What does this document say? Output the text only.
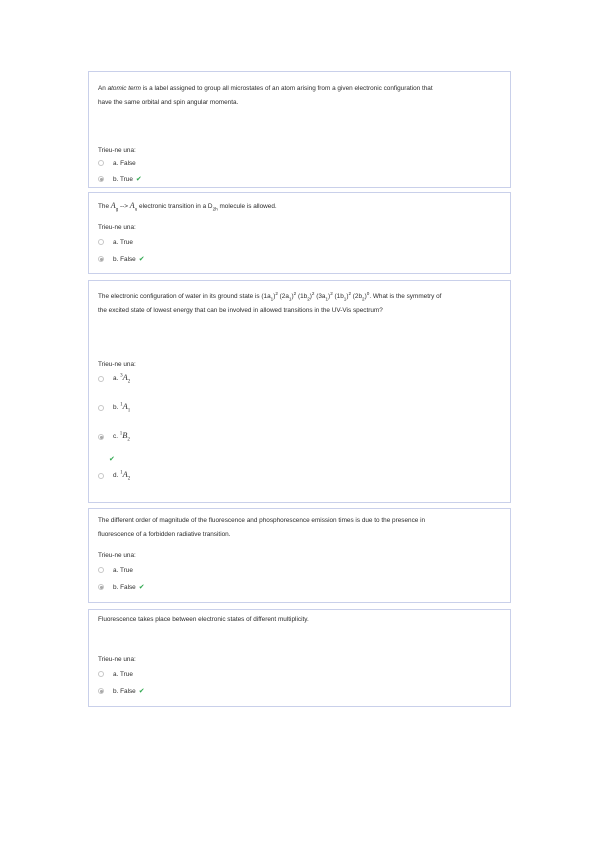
An atomic term is a label assigned to group all microstates of an atom arising from a given electronic configuration that
have the same orbital and spin angular momenta.
Trieu-ne una:
a. False
b. True ✔
The $A_g$ --> $A_u$ electronic transition in a $D_{2h}$ molecule is allowed.
Trieu-ne una:
a. True
b. False ✔
The electronic configuration of water in its ground state is $(1a_1)^2$ $(2a_1)^2$ $(1b_2)^2$ $(3a_1)^2$ $(1b_1)^2$ $(2b_2)^0$. What is the symmetry of
the excited state of lowest energy that can be involved in allowed transitions in the UV-Vis spectrum?
Trieu-ne una:
a. $^3A_2$
b. $^1A_1$
c. $^1B_2$
✔
d. $^1A_2$
The different order of magnitude of the fluorescence and phosphorescence emission times is due to the presence in
fluorescence of a forbidden radiative transition.
Trieu-ne una:
a. True
b. False ✔
Fluorescence takes place between electronic states of different multiplicity.
Trieu-ne una:
a. True
b. False ✔
